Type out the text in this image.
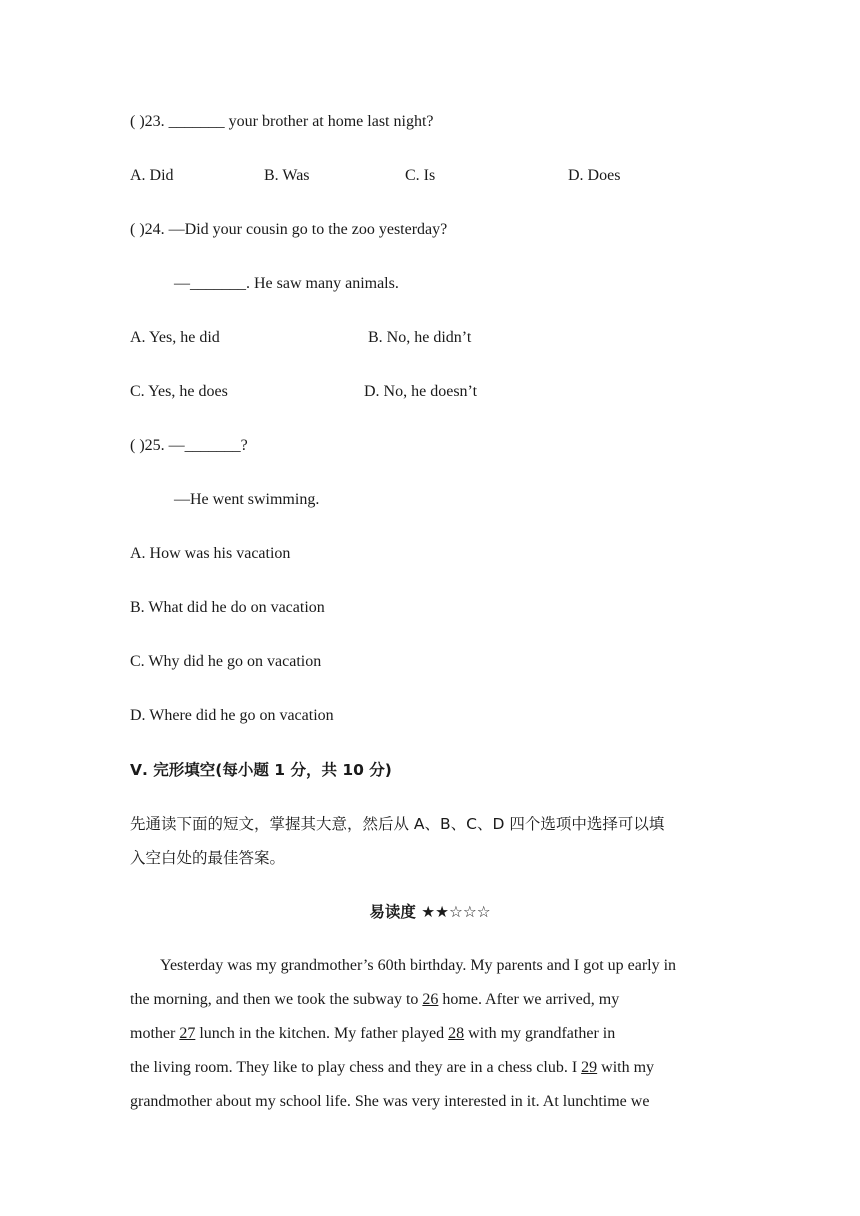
( )23. _______ your brother at home last night?
A. Did	B. Was	C. Is	D. Does
( )24. —Did your cousin go to the zoo yesterday?
—_______. He saw many animals.
A. Yes, he did	B. No, he didn’t
C. Yes, he does	D. No, he doesn’t
( )25. —_______?
—He went swimming.
A. How was his vacation
B. What did he do on vacation
C. Why did he go on vacation
D. Where did he go on vacation
Ⅴ. 完形填空(每小题 1 分，共 10 分)
先通读下面的短文，掌握其大意，然后从 A、B、C、D 四个选项中选择可以填
入空白处的最佳答案。
易读度 ★★☆☆☆

Yesterday was my grandmother’s 60th birthday. My parents and I got up early in

the morning, and then we took the subway to 26 home. After we arrived, my

mother 27 lunch in the kitchen. My father played 28 with my grandfather in

the living room. They like to play chess and they are in a chess club. I 29 with my

grandmother about my school life. She was very interested in it. At lunchtime we
